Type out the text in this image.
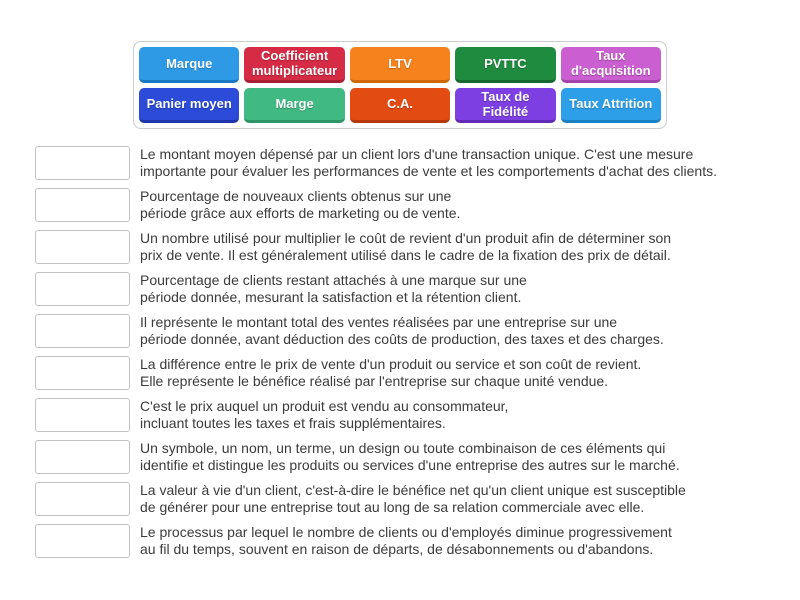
Marque	Coefficient multiplicateur	LTV	PVTTC	Taux d'acquisition
Panier moyen	Marge	C.A.	Taux de Fidélité	Taux Attrition
Le montant moyen dépensé par un client lors d'une transaction unique. C'est une mesure
importante pour évaluer les performances de vente et les comportements d'achat des clients.
Pourcentage de nouveaux clients obtenus sur une
période grâce aux efforts de marketing ou de vente.
Un nombre utilisé pour multiplier le coût de revient d'un produit afin de déterminer son
prix de vente. Il est généralement utilisé dans le cadre de la fixation des prix de détail.
Pourcentage de clients restant attachés à une marque sur une
période donnée, mesurant la satisfaction et la rétention client.
Il représente le montant total des ventes réalisées par une entreprise sur une
période donnée, avant déduction des coûts de production, des taxes et des charges.
La différence entre le prix de vente d'un produit ou service et son coût de revient.
Elle représente le bénéfice réalisé par l'entreprise sur chaque unité vendue.
C'est le prix auquel un produit est vendu au consommateur,
incluant toutes les taxes et frais supplémentaires.
Un symbole, un nom, un terme, un design ou toute combinaison de ces éléments qui
identifie et distingue les produits ou services d'une entreprise des autres sur le marché.
La valeur à vie d'un client, c'est-à-dire le bénéfice net qu'un client unique est susceptible
de générer pour une entreprise tout au long de sa relation commerciale avec elle.
Le processus par lequel le nombre de clients ou d'employés diminue progressivement
au fil du temps, souvent en raison de départs, de désabonnements ou d'abandons.
